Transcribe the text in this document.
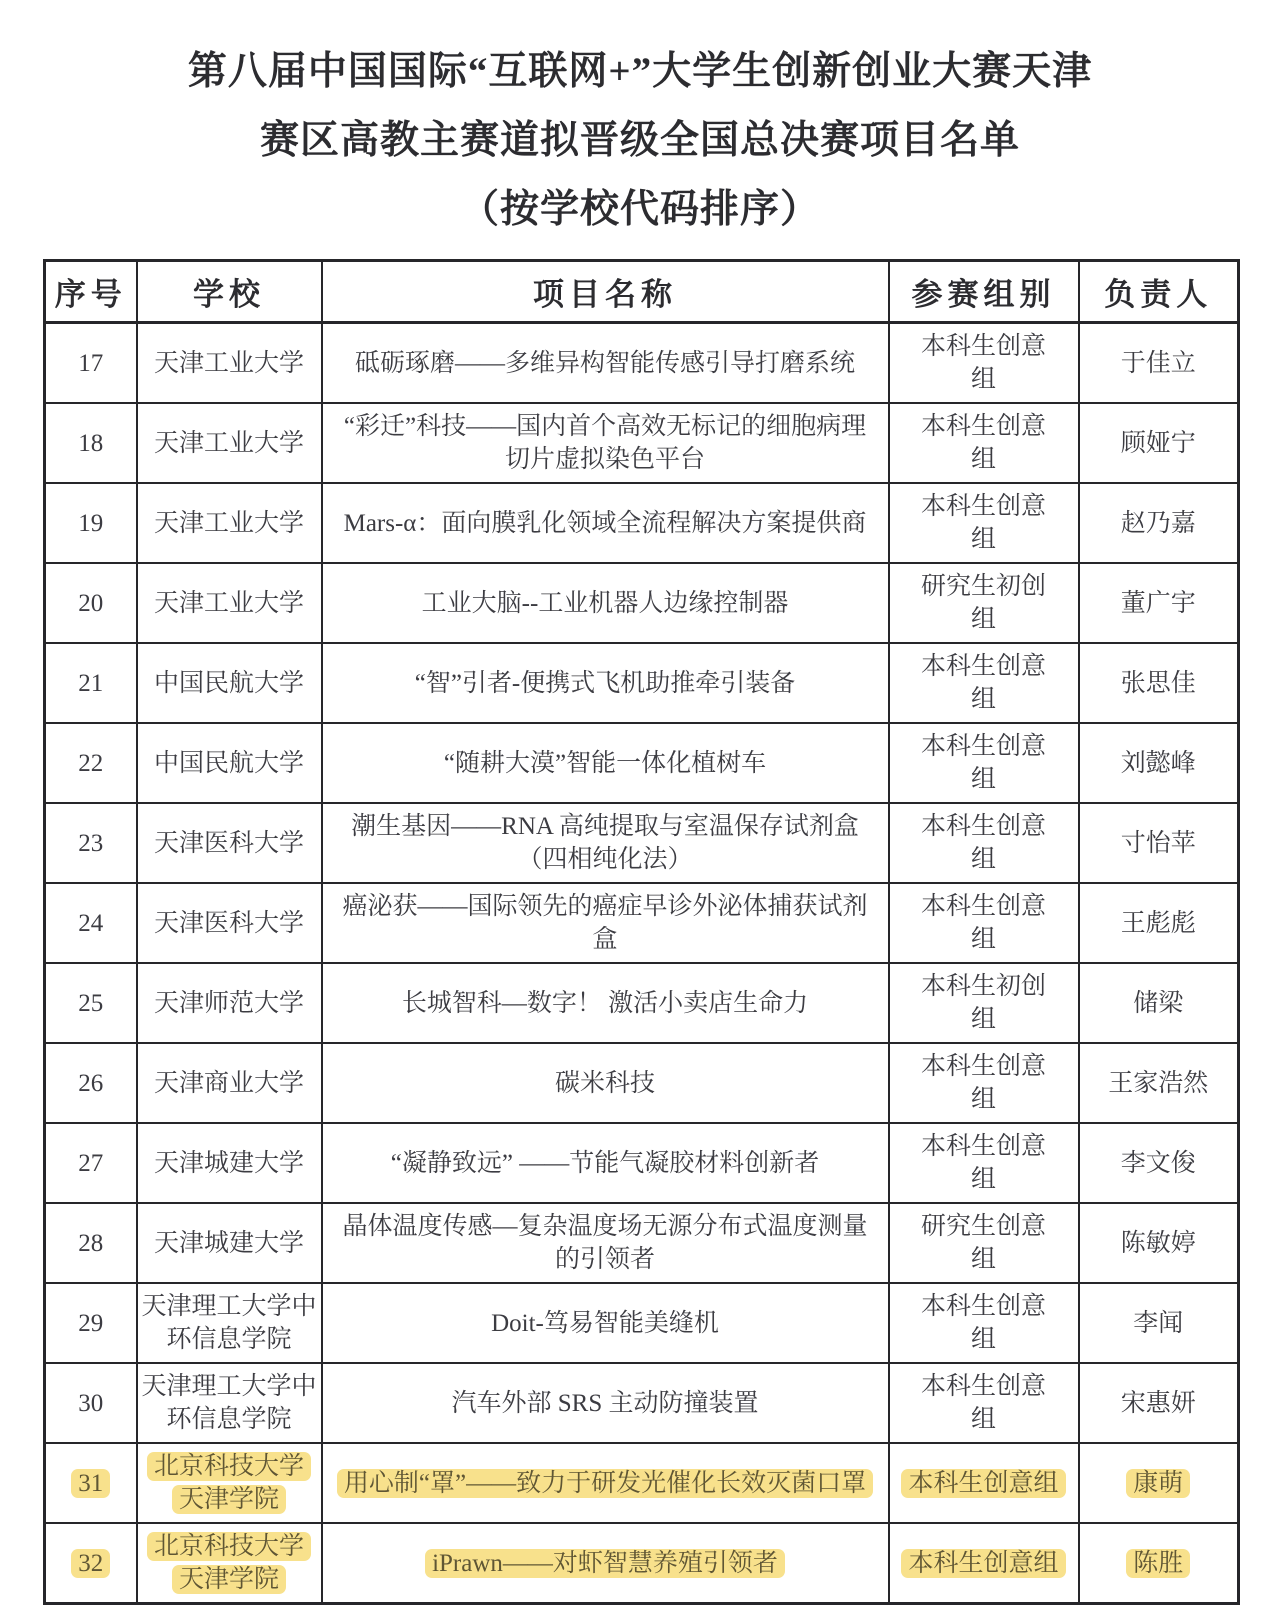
第八届中国国际“互联网+”大学生创新创业大赛天津
赛区高教主赛道拟晋级全国总决赛项目名单
（按学校代码排序）
序号	学校	项目名称	参赛组别	负责人
17	天津工业大学	砥砺琢磨——多维异构智能传感引导打磨系统	本科生创意组	于佳立
18	天津工业大学	“彩迁”科技——国内首个高效无标记的细胞病理切片虚拟染色平台	本科生创意组	顾娅宁
19	天津工业大学	Mars-α：面向膜乳化领域全流程解决方案提供商	本科生创意组	赵乃嘉
20	天津工业大学	工业大脑--工业机器人边缘控制器	研究生初创组	董广宇
21	中国民航大学	“智”引者-便携式飞机助推牵引装备	本科生创意组	张思佳
22	中国民航大学	“随耕大漠”智能一体化植树车	本科生创意组	刘懿峰
23	天津医科大学	潮生基因——RNA 高纯提取与室温保存试剂盒（四相纯化法）	本科生创意组	寸怡苹
24	天津医科大学	癌泌获——国际领先的癌症早诊外泌体捕获试剂盒	本科生创意组	王彪彪
25	天津师范大学	长城智科—数字！ 激活小卖店生命力	本科生初创组	储梁
26	天津商业大学	碳米科技	本科生创意组	王家浩然
27	天津城建大学	“凝静致远” ——节能气凝胶材料创新者	本科生创意组	李文俊
28	天津城建大学	晶体温度传感—复杂温度场无源分布式温度测量的引领者	研究生创意组	陈敏婷
29	天津理工大学中环信息学院	Doit-笃易智能美缝机	本科生创意组	李闻
30	天津理工大学中环信息学院	汽车外部 SRS 主动防撞装置	本科生创意组	宋惠妍
31	北京科技大学天津学院	用心制“罩”——致力于研发光催化长效灭菌口罩	本科生创意组	康萌
32	北京科技大学天津学院	iPrawn——对虾智慧养殖引领者	本科生创意组	陈胜
